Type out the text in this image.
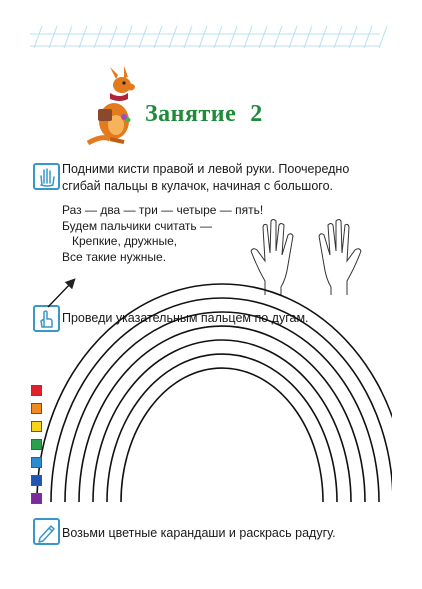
Занятие 2
Подними кисти правой и левой руки. Поочередно
сгибай пальцы в кулачок, начиная с большого.
Раз — два — три — четыре — пять!
Будем пальчики считать —
Крепкие, дружные,
Все такие нужные.
Проведи указательным пальцем по дугам.
Возьми цветные карандаши и раскрась радугу.
